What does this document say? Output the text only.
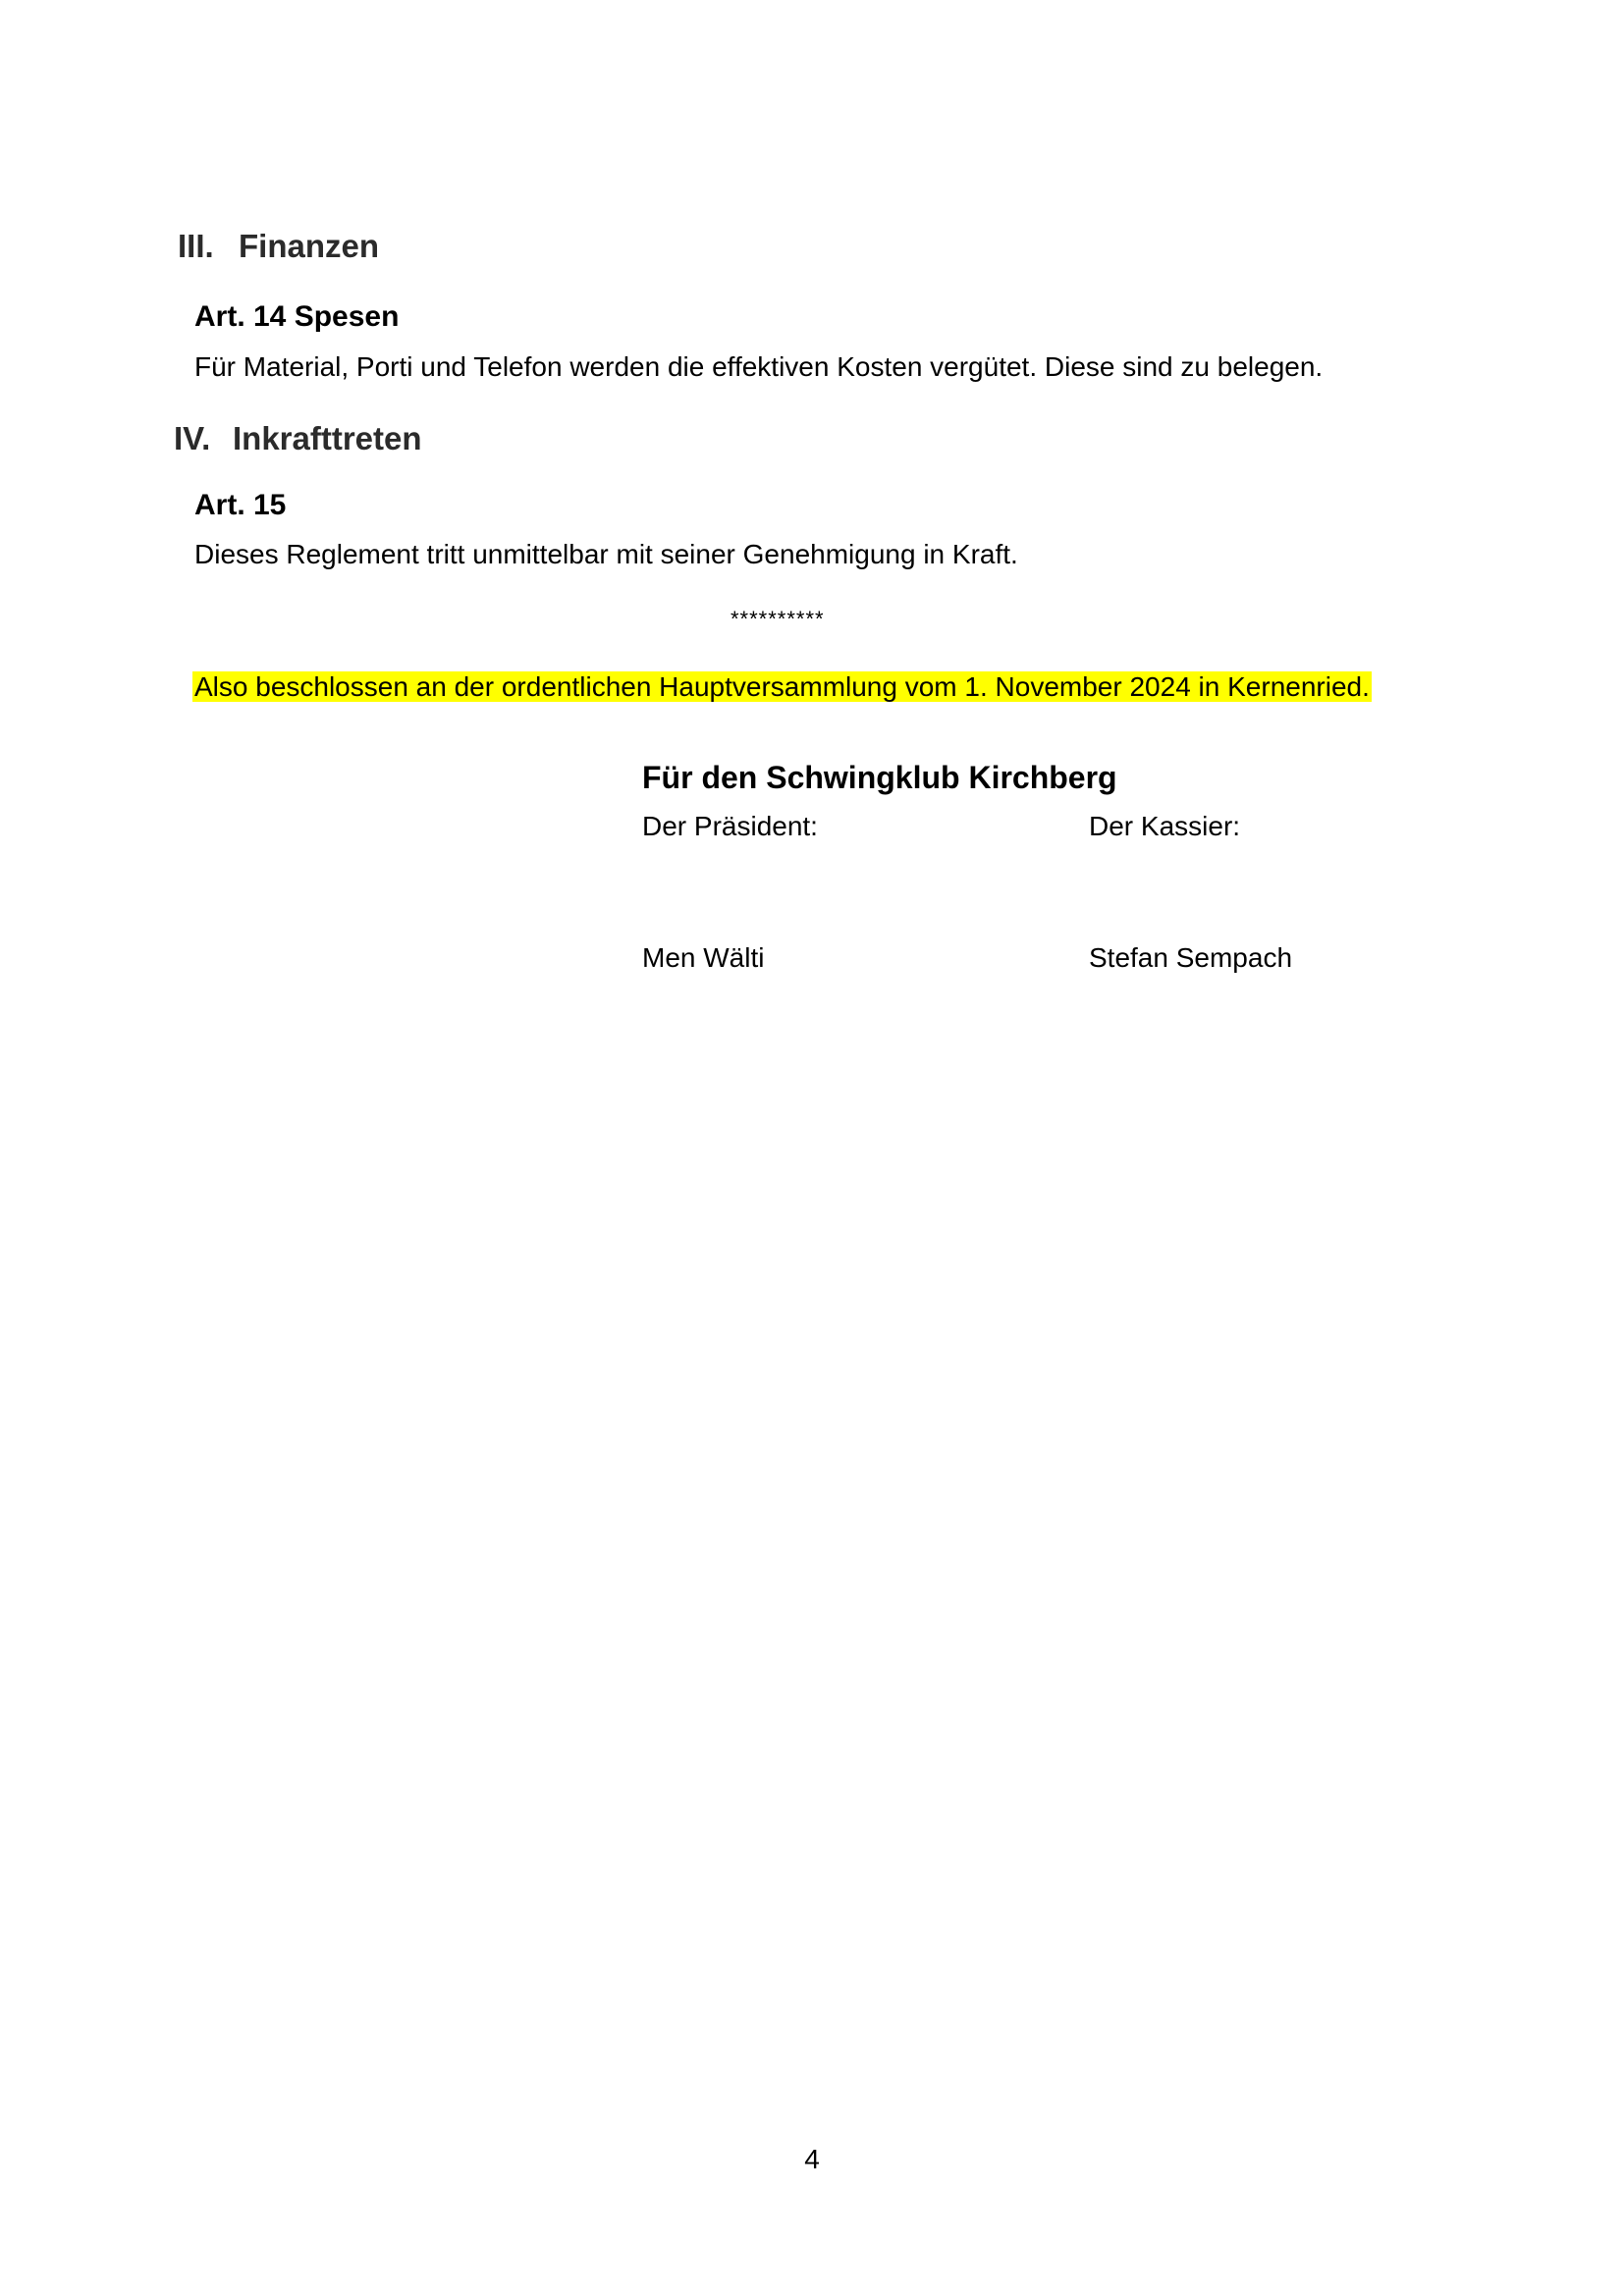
III. Finanzen
Art. 14 Spesen
Für Material, Porti und Telefon werden die effektiven Kosten vergütet. Diese sind zu belegen.
IV. Inkrafttreten
Art. 15
Dieses Reglement tritt unmittelbar mit seiner Genehmigung in Kraft.
**********
Also beschlossen an der ordentlichen Hauptversammlung vom 1. November 2024 in Kernenried.
Für den Schwingklub Kirchberg
Der Präsident:	Der Kassier:
Men Wälti	Stefan Sempach
4
